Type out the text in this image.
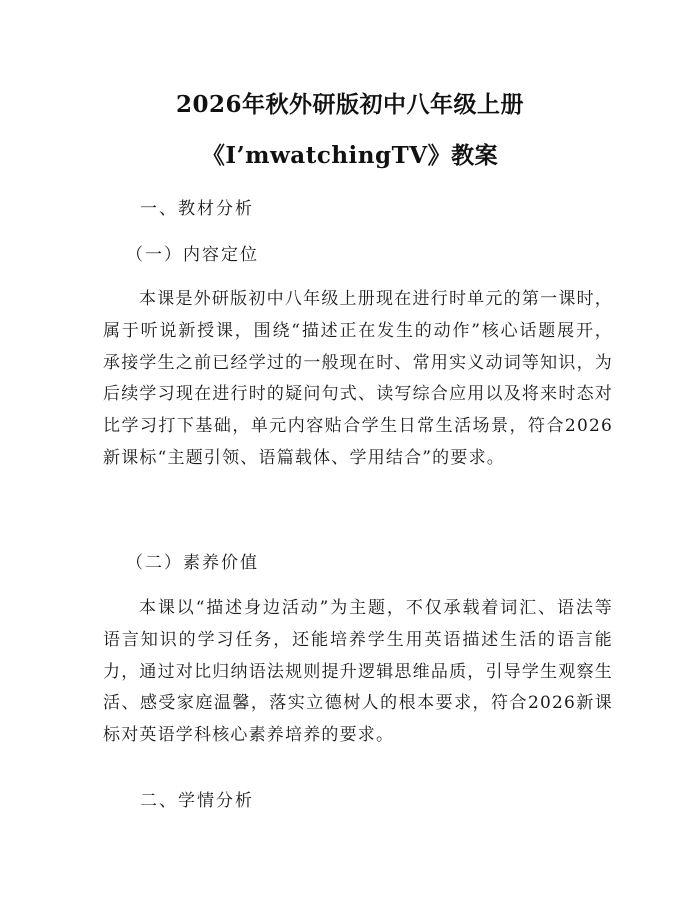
2026年秋外研版初中八年级上册
《I’mwatchingTV》教案
一、教材分析
（一）内容定位
本课是外研版初中八年级上册现在进行时单元的第一课时，属于听说新授课，围绕“描述正在发生的动作”核心话题展开，承接学生之前已经学过的一般现在时、常用实义动词等知识，为后续学习现在进行时的疑问句式、读写综合应用以及将来时态对比学习打下基础，单元内容贴合学生日常生活场景，符合2026新课标“主题引领、语篇载体、学用结合”的要求。
（二）素养价值
本课以“描述身边活动”为主题，不仅承载着词汇、语法等语言知识的学习任务，还能培养学生用英语描述生活的语言能力，通过对比归纳语法规则提升逻辑思维品质，引导学生观察生活、感受家庭温馨，落实立德树人的根本要求，符合2026新课标对英语学科核心素养培养的要求。
二、学情分析
